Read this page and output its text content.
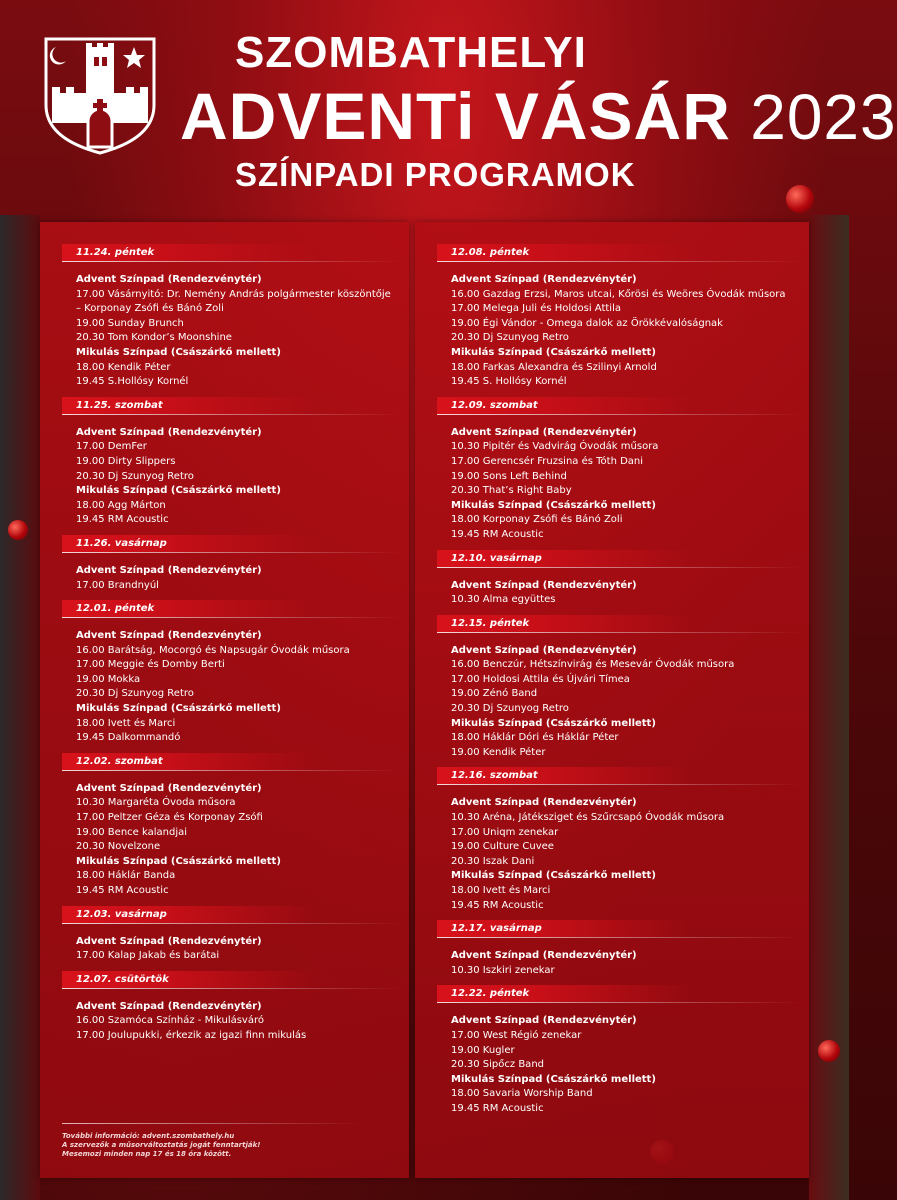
SZOMBATHELYI
ADVENTi VÁSÁR 2023
SZÍNPADI PROGRAMOK
11.24. péntek
Advent Színpad (Rendezvénytér)
17.00 Vásárnyitó: Dr. Nemény András polgármester köszöntője – Korponay Zsófi és Bánó Zoli
19.00 Sunday Brunch
20.30 Tom Kondor’s Moonshine
Mikulás Színpad (Császárkő mellett)
18.00 Kendik Péter
19.45 S.Hollósy Kornél
11.25. szombat
Advent Színpad (Rendezvénytér)
17.00 DemFer
19.00 Dirty Slippers
20.30 Dj Szunyog Retro
Mikulás Színpad (Császárkő mellett)
18.00 Agg Márton
19.45 RM Acoustic
11.26. vasárnap
Advent Színpad (Rendezvénytér)
17.00 Brandnyúl
12.01. péntek
Advent Színpad (Rendezvénytér)
16.00 Barátság, Mocorgó és Napsugár Óvodák műsora
17.00 Meggie és Domby Berti
19.00 Mokka
20.30 Dj Szunyog Retro
Mikulás Színpad (Császárkő mellett)
18.00 Ivett és Marci
19.45 Dalkommandó
12.02. szombat
Advent Színpad (Rendezvénytér)
10.30 Margaréta Óvoda műsora
17.00 Peltzer Géza és Korponay Zsófi
19.00 Bence kalandjai
20.30 Novelzone
Mikulás Színpad (Császárkő mellett)
18.00 Háklár Banda
19.45 RM Acoustic
12.03. vasárnap
Advent Színpad (Rendezvénytér)
17.00 Kalap Jakab és barátai
12.07. csütörtök
Advent Színpad (Rendezvénytér)
16.00 Szamóca Színház - Mikulásváró
17.00 Joulupukki, érkezik az igazi finn mikulás
12.08. péntek
Advent Színpad (Rendezvénytér)
16.00 Gazdag Erzsi, Maros utcai, Kőrösi és Weöres Óvodák műsora
17.00 Melega Juli és Holdosi Attila
19.00 Égi Vándor - Omega dalok az Örökkévalóságnak
20.30 Dj Szunyog Retro
Mikulás Színpad (Császárkő mellett)
18.00 Farkas Alexandra és Szilinyi Arnold
19.45 S. Hollósy Kornél
12.09. szombat
Advent Színpad (Rendezvénytér)
10.30 Pipitér és Vadvirág Óvodák műsora
17.00 Gerencsér Fruzsina és Tóth Dani
19.00 Sons Left Behind
20.30 That’s Right Baby
Mikulás Színpad (Császárkő mellett)
18.00 Korponay Zsófi és Bánó Zoli
19.45 RM Acoustic
12.10. vasárnap
Advent Színpad (Rendezvénytér)
10.30 Alma együttes
12.15. péntek
Advent Színpad (Rendezvénytér)
16.00 Benczúr, Hétszínvirág és Mesevár Óvodák műsora
17.00 Holdosi Attila és Újvári Tímea
19.00 Zénó Band
20.30 Dj Szunyog Retro
Mikulás Színpad (Császárkő mellett)
18.00 Háklár Dóri és Háklár Péter
19.00 Kendik Péter
12.16. szombat
Advent Színpad (Rendezvénytér)
10.30 Aréna, Játéksziget és Szűrcsapó Óvodák műsora
17.00 Uniqm zenekar
19.00 Culture Cuvee
20.30 Iszak Dani
Mikulás Színpad (Császárkő mellett)
18.00 Ivett és Marci
19.45 RM Acoustic
12.17. vasárnap
Advent Színpad (Rendezvénytér)
10.30 Iszkiri zenekar
12.22. péntek
Advent Színpad (Rendezvénytér)
17.00 West Régió zenekar
19.00 Kugler
20.30 Sipőcz Band
Mikulás Színpad (Császárkő mellett)
18.00 Savaria Worship Band
19.45 RM Acoustic
További információ: advent.szombathely.hu
A szervezők a műsorváltoztatás jogát fenntartják!
Mesemozi minden nap 17 és 18 óra között.
